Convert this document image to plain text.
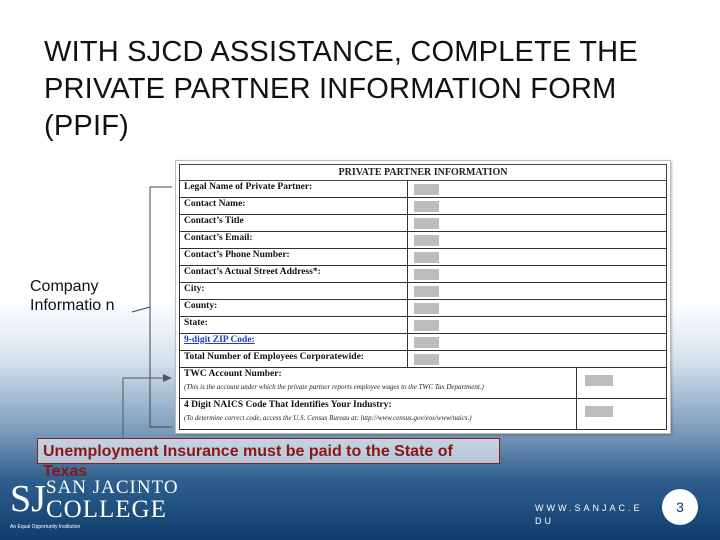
WITH SJCD ASSISTANCE, COMPLETE THE PRIVATE PARTNER INFORMATION FORM (PPIF)
PRIVATE PARTNER INFORMATION
Legal Name of Private Partner:
Contact Name:
Contact’s Title
Contact’s Email:
Contact’s Phone Number:
Contact’s Actual Street Address*:
City:
County:
State:
9-digit ZIP Code:
Total Number of Employees Corporatewide:
TWC Account Number:
(This is the account under which the private partner reports employee wages to the TWC Tax Department.)
4 Digit NAICS Code That Identifies Your Industry:
(To determine correct code, access the U.S. Census Bureau at: http://www.census.gov/eos/www/naics.)
Company Informatio n
Unemployment Insurance must be paid to the State of Texas
SJ SAN JACINTO
COLLEGE
An Equal Opportunity Institution
WWW.SANJAC.E DU
3
